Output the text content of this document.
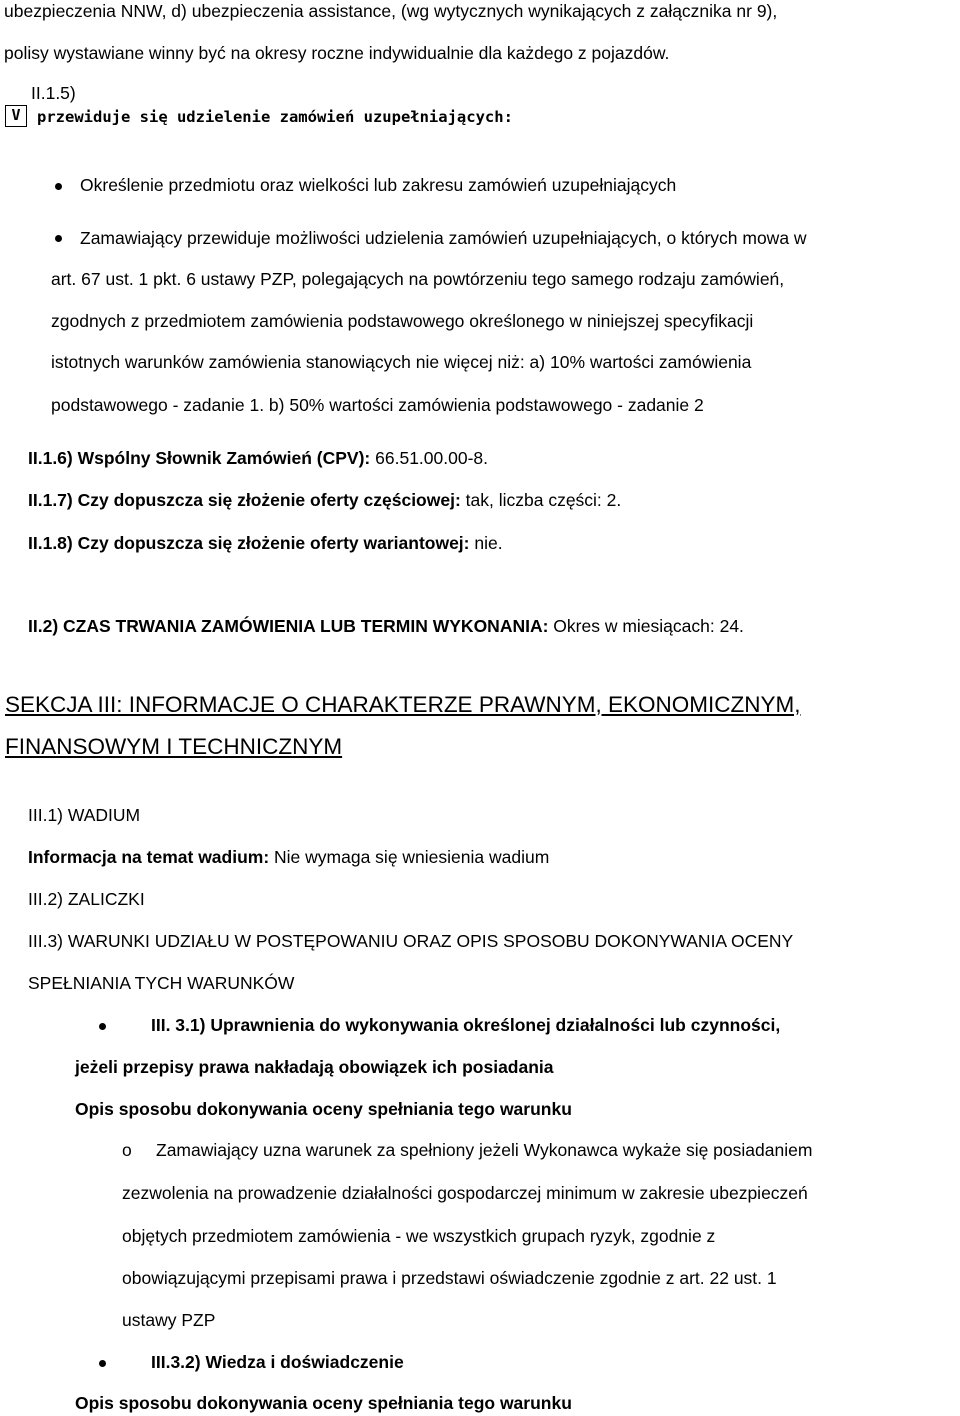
ubezpieczenia NNW, d) ubezpieczenia assistance, (wg wytycznych wynikających z załącznika nr 9),
polisy wystawiane winny być na okresy roczne indywidualnie dla każdego z pojazdów.
II.1.5)
V	przewiduje się udzielenie zamówień uzupełniających:
Określenie przedmiotu oraz wielkości lub zakresu zamówień uzupełniających
Zamawiający przewiduje możliwości udzielenia zamówień uzupełniających, o których mowa w
art. 67 ust. 1 pkt. 6 ustawy PZP, polegających na powtórzeniu tego samego rodzaju zamówień,
zgodnych z przedmiotem zamówienia podstawowego określonego w niniejszej specyfikacji
istotnych warunków zamówienia stanowiących nie więcej niż: a) 10% wartości zamówienia
podstawowego - zadanie 1. b) 50% wartości zamówienia podstawowego - zadanie 2
II.1.6) Wspólny Słownik Zamówień (CPV): 66.51.00.00-8.
II.1.7) Czy dopuszcza się złożenie oferty częściowej: tak, liczba części: 2.
II.1.8) Czy dopuszcza się złożenie oferty wariantowej: nie.
II.2) CZAS TRWANIA ZAMÓWIENIA LUB TERMIN WYKONANIA: Okres w miesiącach: 24.
SEKCJA III: INFORMACJE O CHARAKTERZE PRAWNYM, EKONOMICZNYM,
FINANSOWYM I TECHNICZNYM
III.1) WADIUM
Informacja na temat wadium: Nie wymaga się wniesienia wadium
III.2) ZALICZKI
III.3) WARUNKI UDZIAŁU W POSTĘPOWANIU ORAZ OPIS SPOSOBU DOKONYWANIA OCENY
SPEŁNIANIA TYCH WARUNKÓW
III. 3.1) Uprawnienia do wykonywania określonej działalności lub czynności,
jeżeli przepisy prawa nakładają obowiązek ich posiadania
Opis sposobu dokonywania oceny spełniania tego warunku
o Zamawiający uzna warunek za spełniony jeżeli Wykonawca wykaże się posiadaniem
zezwolenia na prowadzenie działalności gospodarczej minimum w zakresie ubezpieczeń
objętych przedmiotem zamówienia - we wszystkich grupach ryzyk, zgodnie z
obowiązującymi przepisami prawa i przedstawi oświadczenie zgodnie z art. 22 ust. 1
ustawy PZP
III.3.2) Wiedza i doświadczenie
Opis sposobu dokonywania oceny spełniania tego warunku
